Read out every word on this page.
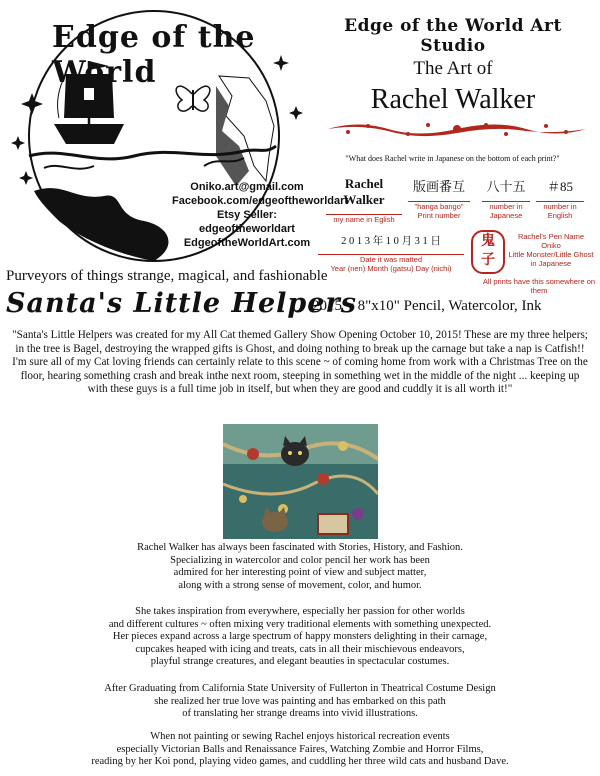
Edge of the World
Oniko.art@gmail.com
Facebook.com/edgeoftheworldart
Etsy Seller: edgeoftheworldart
EdgeoftheWorldArt.com
Purveyors of things strange, magical, and fashionable
Edge of the World Art Studio
The Art of
Rachel Walker
"What does Rachel write in Japanese on the bottom of each print?"
Rachel Walker
my name in Eglish
版画番互
"hanga bango"
Print number
八十五
number in
Japanese
＃85
number in
English
2 0 1 3 年 1 0 月 3 1 日
Date it was matted
Year (nen) Month (gatsu) Day (nichi)
鬼
子
Rachel's Pen Name
Oniko
Little Monster/Little Ghost
in Japanese
All prints have this somewhere on them
Santa's Little Helpers
2015 ~ 8"x10" Pencil, Watercolor, Ink
"Santa's Little Helpers was created for my All Cat themed Gallery Show Opening October 10, 2015! These are my three helpers; in the tree is Bagel, destroying the wrapped gifts is Ghost, and doing nothing to break up the carnage but take a nap is Catfish!! I'm sure all of my Cat loving friends can certainly relate to this scene ~ of coming home from work with a Christmas Tree on the floor, hearing something crash and break inthe next room, steeping in something wet in the middle of the night ... keeping up with these guys is a full time job in itself, but when they are good and cuddly it is all worth it!"
Rachel Walker has always been fascinated with Stories, History, and Fashion.
Specializing in watercolor and color pencil her work has been
admired for her interesting point of view and subject matter,
along with a strong sense of movement, color, and humor.
She takes inspiration from everywhere, especially her passion for other worlds
and different cultures ~ often mixing very traditional elements with something unexpected.
Her pieces expand across a large spectrum of happy monsters delighting in their carnage,
cupcakes heaped with icing and treats, cats in all their mischievous endeavors,
playful strange creatures, and elegant beauties in spectacular costumes.
After Graduating from California State University of Fullerton in Theatrical Costume Design
she realized her true love was painting and has embarked on this path
of translating her strange dreams into vivid illustrations.
When not painting or sewing Rachel enjoys historical recreation events
especially Victorian Balls and Renaissance Faires, Watching Zombie and Horror Films,
reading by her Koi pond, playing video games, and cuddling her three wild cats and husband Dave.
